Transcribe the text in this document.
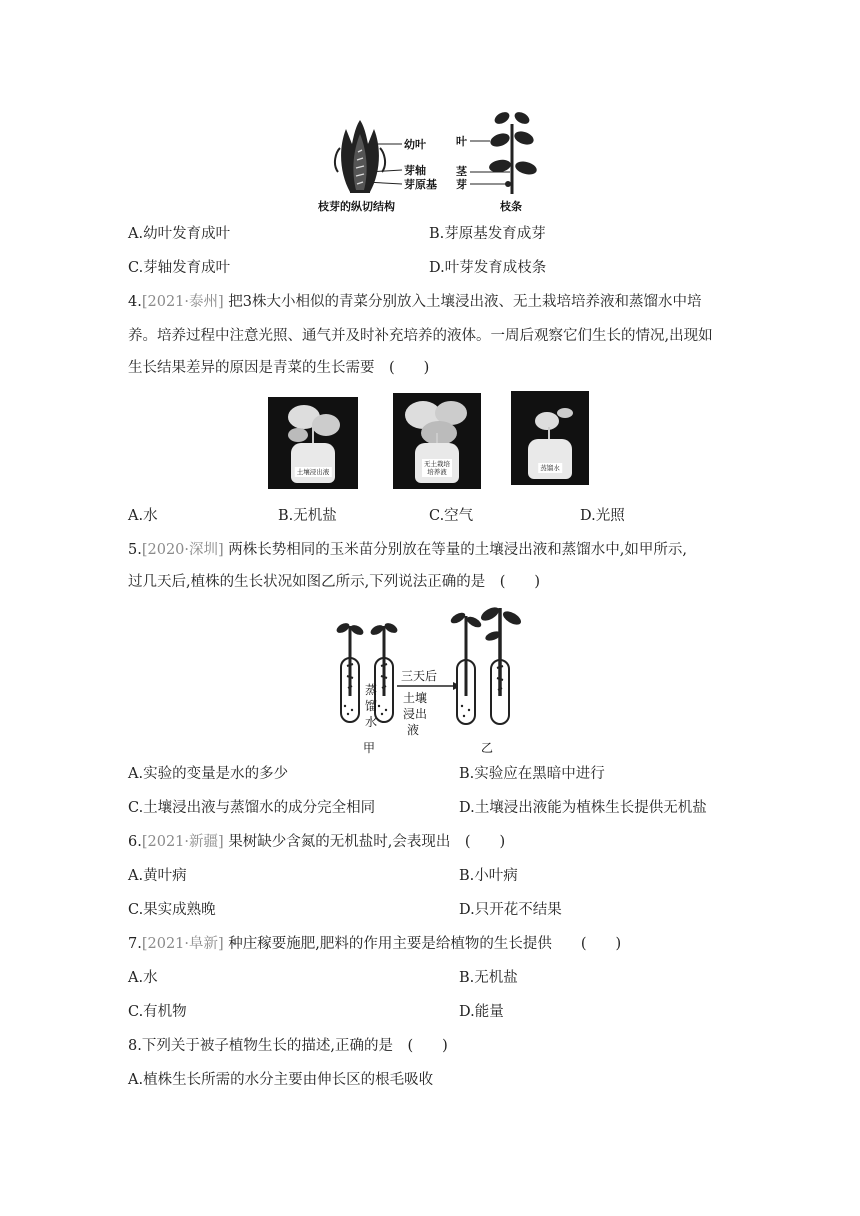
幼叶
芽轴
芽原基
枝芽的纵切结构
叶
茎
芽
枝条
A.幼叶发育成叶	B.芽原基发育成芽
C.芽轴发育成叶	D.叶芽发育成枝条
4.[2021·泰州] 把3株大小相似的青菜分别放入土壤浸出液、无土栽培培养液和蒸馏水中培
养。培养过程中注意光照、通气并及时补充培养的液体。一周后观察它们生长的情况,出现如
生长结果差异的原因是青菜的生长需要　(　　)
土壤浸出液
无土栽培
培养液	蒸馏水
A.水	B.无机盐	C.空气	D.光照
5.[2020·深圳] 两株长势相同的玉米苗分别放在等量的土壤浸出液和蒸馏水中,如甲所示,
过几天后,植株的生长状况如图乙所示,下列说法正确的是　(　　)
蒸
馏
水
三天后
土壤
浸出
液
甲	乙
A.实验的变量是水的多少	B.实验应在黑暗中进行
C.土壤浸出液与蒸馏水的成分完全相同	D.土壤浸出液能为植株生长提供无机盐
6.[2021·新疆] 果树缺少含氮的无机盐时,会表现出　(　　)
A.黄叶病	B.小叶病
C.果实成熟晚	D.只开花不结果
7.[2021·阜新] 种庄稼要施肥,肥料的作用主要是给植物的生长提供　　(　　)
A.水	B.无机盐
C.有机物	D.能量
8.下列关于被子植物生长的描述,正确的是　(　　)
A.植株生长所需的水分主要由伸长区的根毛吸收
